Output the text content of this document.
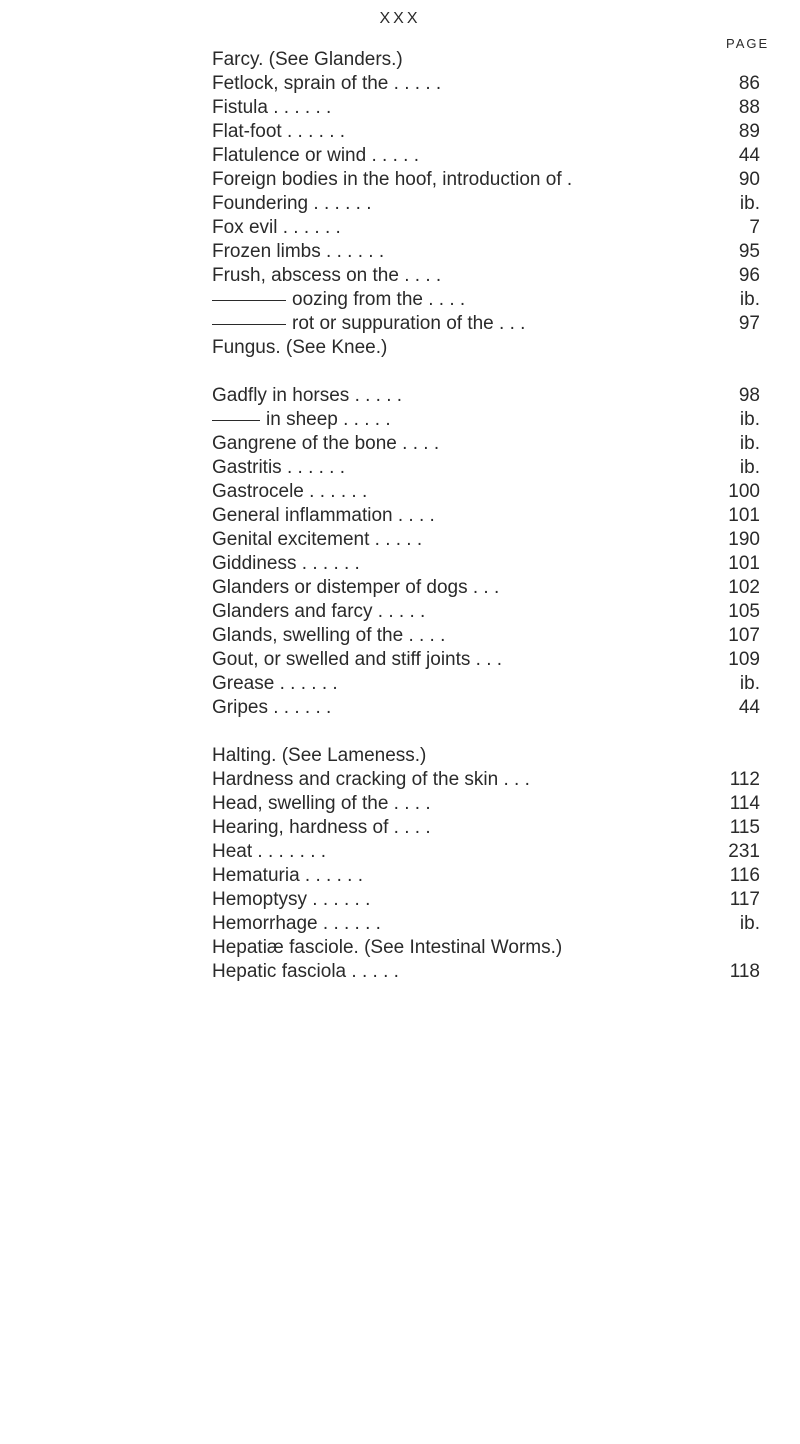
XXX
PAGE
Farcy. (See Glanders.)
Fetlock, sprain of the . . . . .	86
Fistula . . . . . .	88
Flat-foot . . . . . .	89
Flatulence or wind . . . . .	44
Foreign bodies in the hoof, introduction of .	90
Foundering . . . . . .	ib.
Fox evil . . . . . .	7
Frozen limbs . . . . . .	95
Frush, abscess on the . . . .	96
oozing from the . . . .	ib.
rot or suppuration of the . . .	97
Fungus. (See Knee.)
Gadfly in horses . . . . .	98
in sheep . . . . .	ib.
Gangrene of the bone . . . .	ib.
Gastritis . . . . . .	ib.
Gastrocele . . . . . .	100
General inflammation . . . .	101
Genital excitement . . . . .	190
Giddiness . . . . . .	101
Glanders or distemper of dogs . . .	102
Glanders and farcy . . . . .	105
Glands, swelling of the . . . .	107
Gout, or swelled and stiff joints . . .	109
Grease . . . . . .	ib.
Gripes . . . . . .	44
Halting. (See Lameness.)
Hardness and cracking of the skin . . .	112
Head, swelling of the . . . .	114
Hearing, hardness of . . . .	115
Heat . . . . . . .	231
Hematuria . . . . . .	116
Hemoptysy . . . . . .	117
Hemorrhage . . . . . .	ib.
Hepatiæ fasciole. (See Intestinal Worms.)
Hepatic fasciola . . . . .	118
